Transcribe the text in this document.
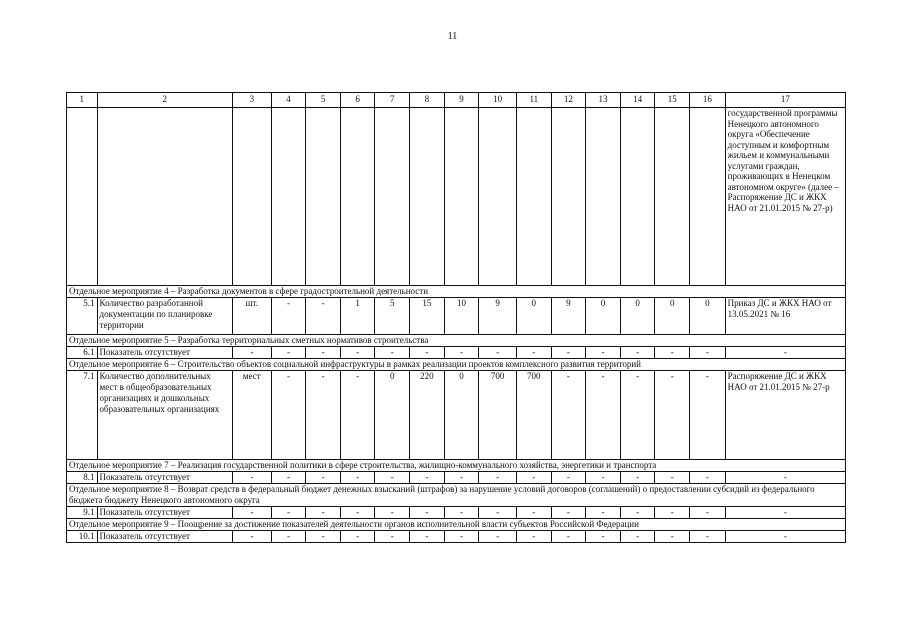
11
1	2	3	4	5	6	7	8	9	10	11	12	13	14	15	16	17
																государственной программы Ненецкого автономного округа «Обеспечение доступным и комфортным жильем и коммунальными услугами граждан, проживающих в Ненецком автономном округе» (далее – Распоряжение ДС и ЖКХ НАО от 21.01.2015 № 27-р)
Отдельное мероприятие 4 – Разработка документов в сфере градостроительной деятельности																
5.1	Количество разработанной документации по планировке территории	шт.	-	-	1	5	15	10	9	0	9	0	0	0	0	Приказ ДС и ЖКХ НАО от 13.05.2021 № 16
Отдельное мероприятие 5 – Разработка территориальных сметных нормативов строительства																
6.1	Показатель отсутствует	-	-	-	-	-	-	-	-	-	-	-	-	-	-	-
Отдельное мероприятие 6 – Строительство объектов социальной инфраструктуры в рамках реализации проектов комплексного развития территорий																
7.1	Количество дополнительных мест в общеобразовательных организациях и дошкольных образовательных организациях	мест	-	-	-	0	220	0	700	700	-	-	-	-	-	Распоряжение ДС и ЖКХ НАО от 21.01.2015 № 27-р
Отдельное мероприятие 7 – Реализация государственной политики в сфере строительства, жилищно-коммунального хозяйства, энергетики и транспорта																
8.1	Показатель отсутствует	-	-	-	-	-	-	-	-	-	-	-	-	-	-	-
Отдельное мероприятие 8 – Возврат средств в федеральный бюджет денежных взысканий (штрафов) за нарушение условий договоров (соглашений) о предоставлении субсидий из федерального бюджета бюджету Ненецкого автономного округа																
9.1	Показатель отсутствует	-	-	-	-	-	-	-	-	-	-	-	-	-	-	-
Отдельное мероприятие 9 – Поощрение за достижение показателей деятельности органов исполнительной власти субъектов Российской Федерации																
10.1	Показатель отсутствует	-	-	-	-	-	-	-	-	-	-	-	-	-	-	-
